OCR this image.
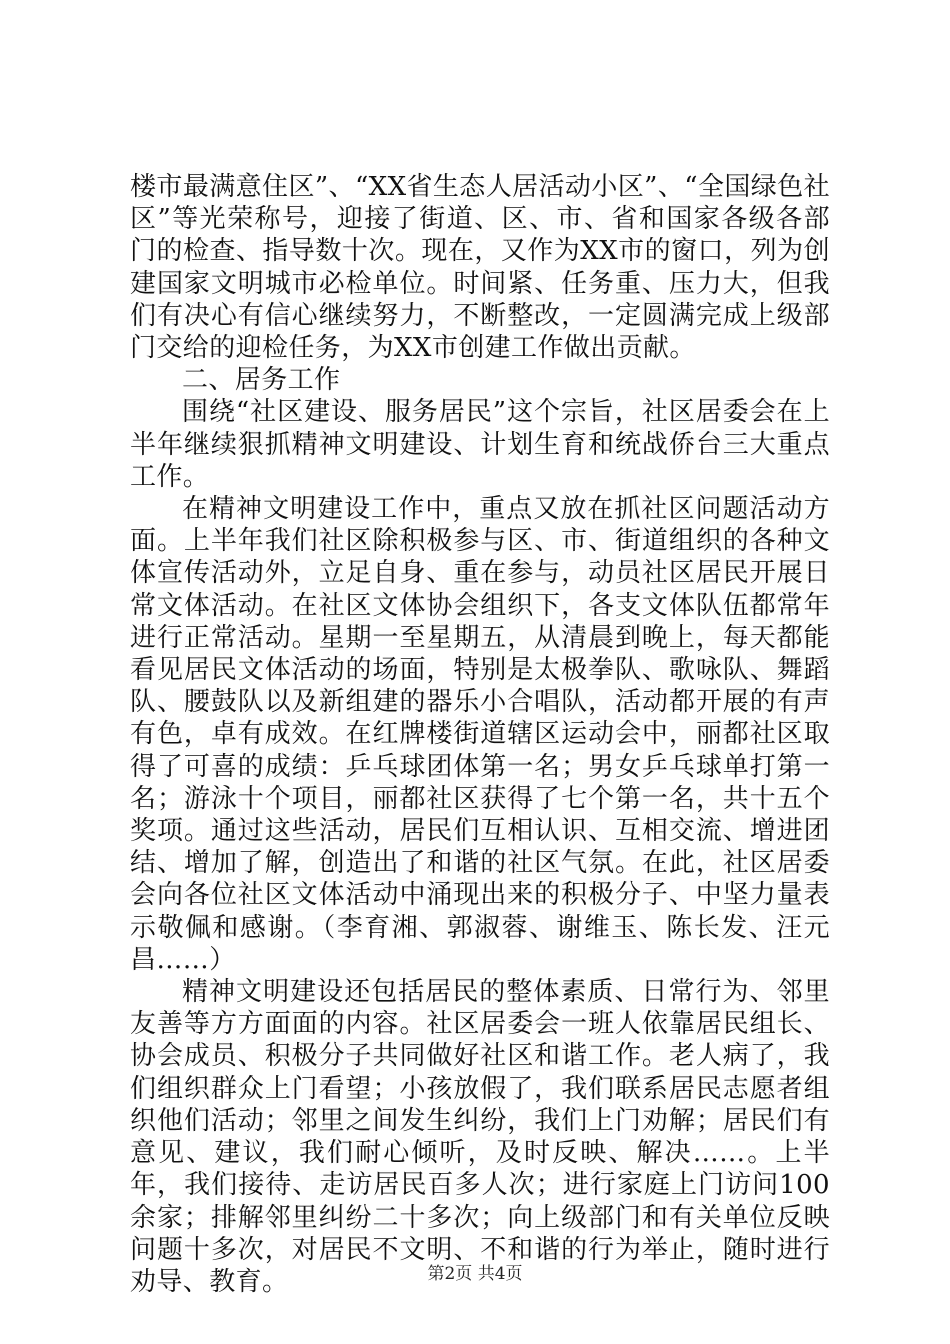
楼市最满意住区”、“XX省生态人居活动小区”、“全国绿色社区”等光荣称号，迎接了街道、区、市、省和国家各级各部门的检查、指导数十次。现在，又作为XX市的窗口，列为创建国家文明城市必检单位。时间紧、任务重、压力大，但我们有决心有信心继续努力，不断整改，一定圆满完成上级部门交给的迎检任务，为XX市创建工作做出贡献。

二、居务工作

围绕“社区建设、服务居民”这个宗旨，社区居委会在上半年继续狠抓精神文明建设、计划生育和统战侨台三大重点工作。

在精神文明建设工作中，重点又放在抓社区问题活动方面。上半年我们社区除积极参与区、市、街道组织的各种文体宣传活动外，立足自身、重在参与，动员社区居民开展日常文体活动。在社区文体协会组织下，各支文体队伍都常年进行正常活动。星期一至星期五，从清晨到晚上，每天都能看见居民文体活动的场面，特别是太极拳队、歌咏队、舞蹈队、腰鼓队以及新组建的器乐小合唱队，活动都开展的有声有色，卓有成效。在红牌楼街道辖区运动会中，丽都社区取得了可喜的成绩：乒乓球团体第一名；男女乒乓球单打第一名；游泳十个项目，丽都社区获得了七个第一名，共十五个奖项。通过这些活动，居民们互相认识、互相交流、增进团结、增加了解，创造出了和谐的社区气氛。在此，社区居委会向各位社区文体活动中涌现出来的积极分子、中坚力量表示敬佩和感谢。（李育湘、郭淑蓉、谢维玉、陈长发、汪元昌……）

精神文明建设还包括居民的整体素质、日常行为、邻里友善等方方面面的内容。社区居委会一班人依靠居民组长、协会成员、积极分子共同做好社区和谐工作。老人病了，我们组织群众上门看望；小孩放假了，我们联系居民志愿者组织他们活动；邻里之间发生纠纷，我们上门劝解；居民们有意见、建议，我们耐心倾听，及时反映、解决……。上半年，我们接待、走访居民百多人次；进行家庭上门访问100余家；排解邻里纠纷二十多次；向上级部门和有关单位反映问题十多次，对居民不文明、不和谐的行为举止，随时进行劝导、教育。	第2页 共4页
